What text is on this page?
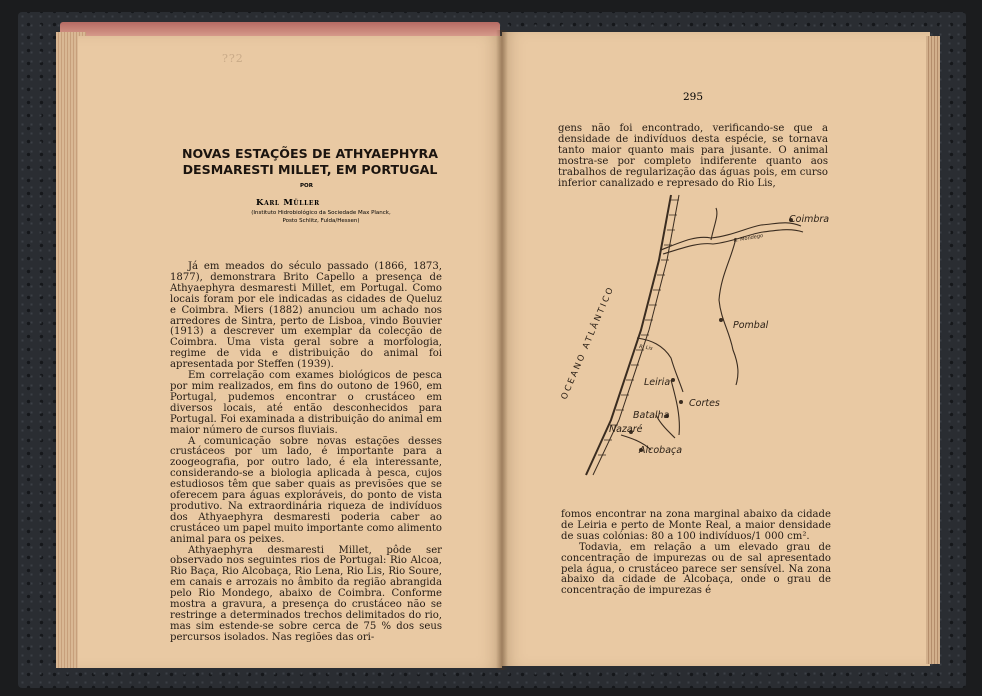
??2
NOVAS ESTAÇÕES DE ATHYAEPHYRA
DESMARESTI MILLET, EM PORTUGAL
POR
Karl Müller
(Instituto Hidrobiológico da Sociedade Max Planck,
Posto Schlitz, Fulda/Hessen)

Já em meados do século passado (1866, 1873, 1877), demonstrara Brito Capello a presença de Athyaephyra desmaresti Millet, em Portugal. Como locais foram por ele indicadas as cidades de Queluz e Coimbra. Miers (1882) anunciou um achado nos arredores de Sintra, perto de Lisboa, vindo Bouvier (1913) a descrever um exemplar da colecção de Coimbra. Uma vista geral sobre a morfologia, regime de vida e distribuição do animal foi apresentada por Steffen (1939).

Em correlação com exames biológicos de pesca por mim realizados, em fins do outono de 1960, em Portugal, pudemos encontrar o crustáceo em diversos locais, até então desconhecidos para Portugal. Foi examinada a distribuição do animal em maior número de cursos fluviais.

A comunicação sobre novas estações desses crustáceos por um lado, é importante para a zoogeografia, por outro lado, é ela interessante, considerando-se a biologia aplicada à pesca, cujos estudiosos têm que saber quais as previsões que se oferecem para águas exploráveis, do ponto de vista produtivo. Na extraordinária riqueza de indivíduos dos Athyaephyra desmaresti poderia caber ao crustáceo um papel muito importante como alimento animal para os peixes.

Athyaephyra desmaresti Millet, pôde ser observado nos seguintes rios de Portugal: Rio Alcoa, Rio Baça, Rio Alcobaça, Rio Lena, Rio Lis, Rio Soure, em canais e arrozais no âmbito da região abrangida pelo Rio Mondego, abaixo de Coimbra. Conforme mostra a gravura, a presença do crustáceo não se restringe a determinados trechos delimitados do rio, mas sim estende-se sobre cerca de 75 % dos seus percursos isolados. Nas regiões das ori-

295

gens não foi encontrado, verificando-se que a densidade de indivíduos desta espécie, se tornava tanto maior quanto mais para jusante. O animal mostra-se por completo indiferente quanto aos trabalhos de regularização das águas pois, em curso inferior canalizado e represado do Rio Lis,

OCEANO ATLÂNTICO
Coimbra
Pombal
Leiria
Cortes
Batalha
Nazaré
Alcobaça
R. Mondego
R. Lis

fomos encontrar na zona marginal abaixo da cidade de Leiria e perto de Monte Real, a maior densidade de suas colónias: 80 a 100 indivíduos/1 000 cm².

Todavia, em relação a um elevado grau de concentração de impurezas ou de sal apresentado pela água, o crustáceo parece ser sensível. Na zona abaixo da cidade de Alcobaça, onde o grau de concentração de impurezas é
